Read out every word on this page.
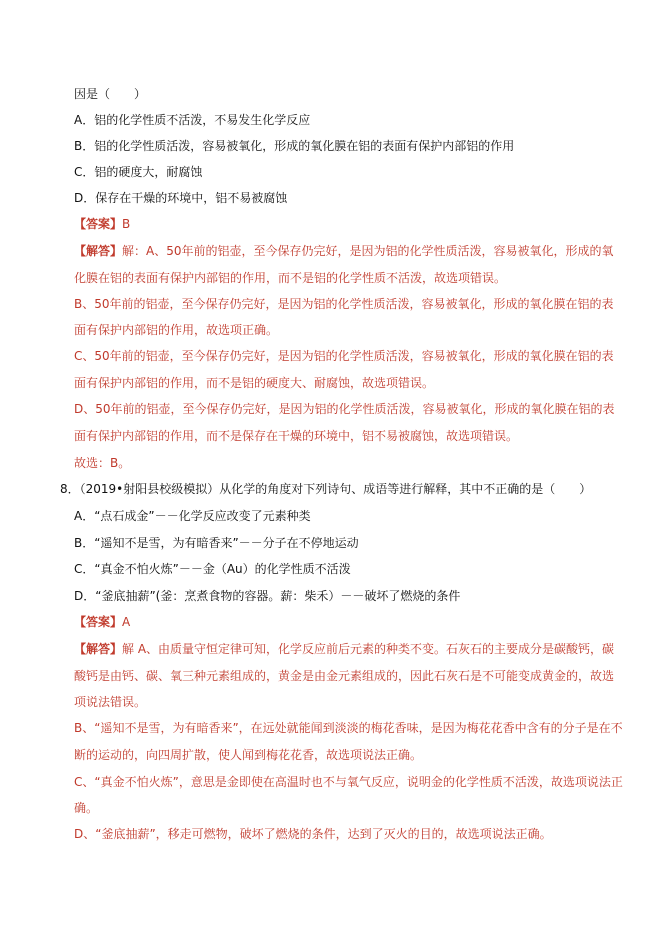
因是（　　）
A．铝的化学性质不活泼，不易发生化学反应
B．铝的化学性质活泼，容易被氧化，形成的氧化膜在铝的表面有保护内部铝的作用
C．铝的硬度大，耐腐蚀
D．保存在干燥的环境中，铝不易被腐蚀
【答案】B
【解答】解：A、50年前的铝壶，至今保存仍完好，是因为铝的化学性质活泼，容易被氧化，形成的氧
化膜在铝的表面有保护内部铝的作用，而不是铝的化学性质不活泼，故选项错误。
B、50年前的铝壶，至今保存仍完好，是因为铝的化学性质活泼，容易被氧化，形成的氧化膜在铝的表
面有保护内部铝的作用，故选项正确。
C、50年前的铝壶，至今保存仍完好，是因为铝的化学性质活泼，容易被氧化，形成的氧化膜在铝的表
面有保护内部铝的作用，而不是铝的硬度大、耐腐蚀，故选项错误。
D、50年前的铝壶，至今保存仍完好，是因为铝的化学性质活泼，容易被氧化，形成的氧化膜在铝的表
面有保护内部铝的作用，而不是保存在干燥的环境中，铝不易被腐蚀，故选项错误。
故选：B。
8．（2019•射阳县校级模拟）从化学的角度对下列诗句、成语等进行解释，其中不正确的是（　　）
A．“点石成金”－－化学反应改变了元素种类
B．“遥知不是雪，为有暗香来”－－分子在不停地运动
C．“真金不怕火炼”－－金（Au）的化学性质不活泼
D．“釜底抽薪”(釜：烹煮食物的容器。薪：柴禾）－－破坏了燃烧的条件
【答案】A
【解答】解 A、由质量守恒定律可知，化学反应前后元素的种类不变。石灰石的主要成分是碳酸钙，碳
酸钙是由钙、碳、氧三种元素组成的，黄金是由金元素组成的，因此石灰石是不可能变成黄金的，故选
项说法错误。
B、“遥知不是雪，为有暗香来”，在远处就能闻到淡淡的梅花香味，是因为梅花花香中含有的分子是在不
断的运动的，向四周扩散，使人闻到梅花花香，故选项说法正确。
C、“真金不怕火炼”，意思是金即使在高温时也不与氧气反应，说明金的化学性质不活泼，故选项说法正
确。
D、“釜底抽薪”，移走可燃物，破坏了燃烧的条件，达到了灭火的目的，故选项说法正确。
